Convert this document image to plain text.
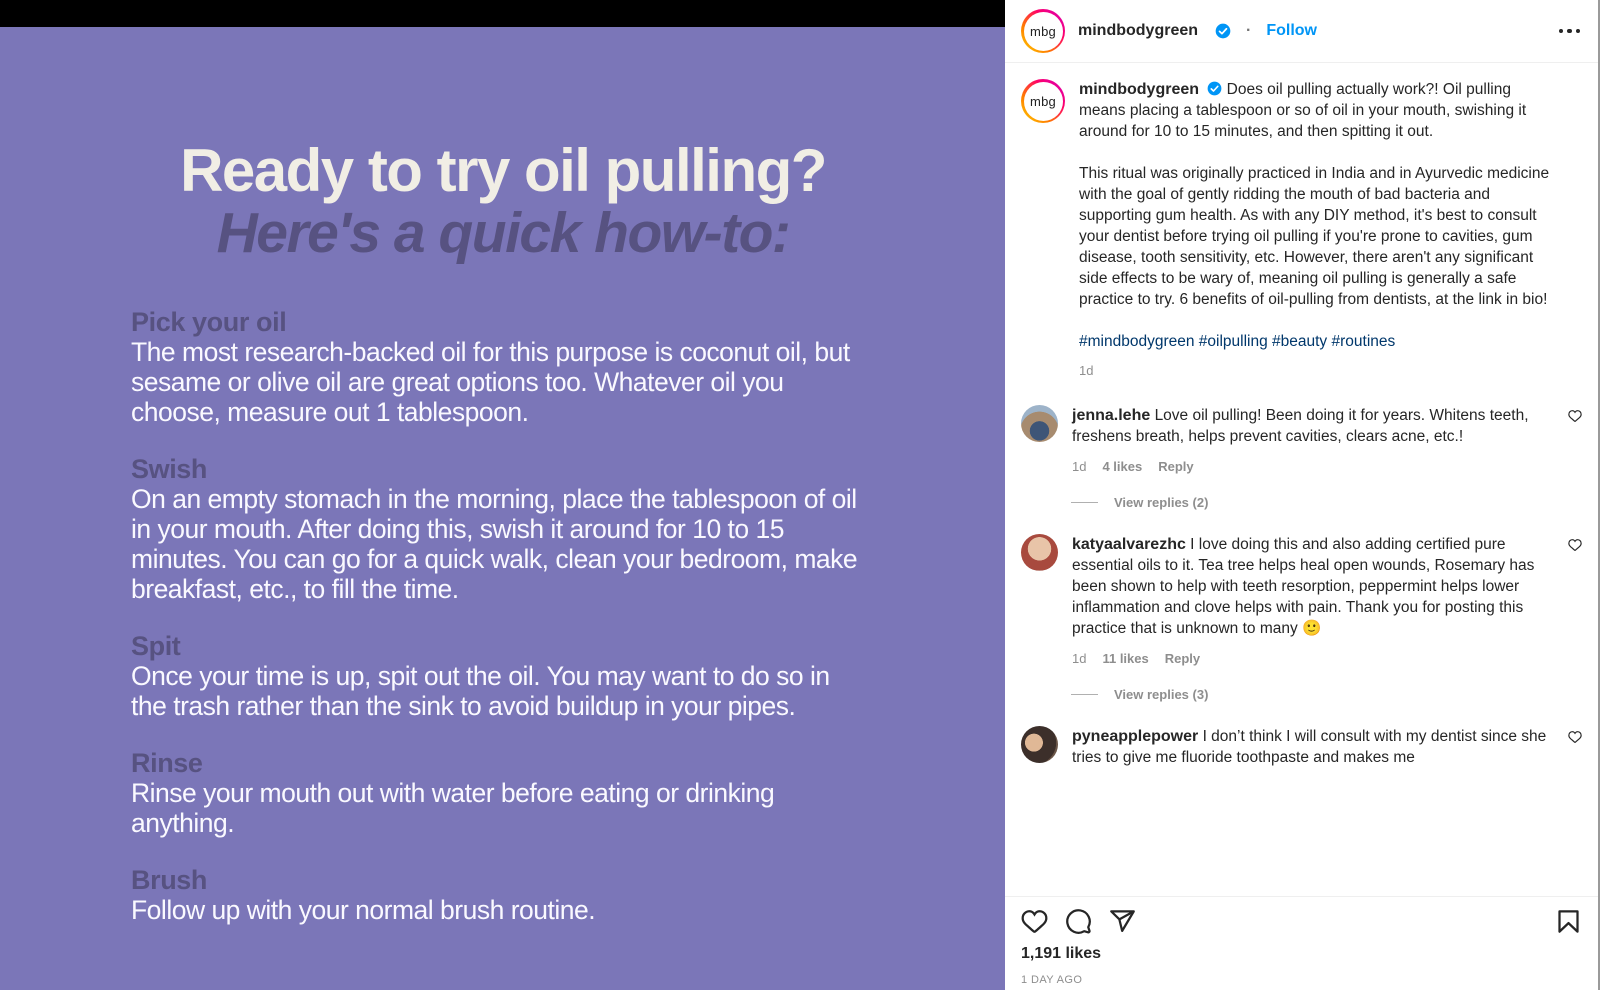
Ready to try oil pulling?
Here's a quick how-to:
Pick your oil

The most research-backed oil for this purpose is coconut oil, but sesame or olive oil are great options too. Whatever oil you choose, measure out 1 tablespoon.

Swish

On an empty stomach in the morning, place the tablespoon of oil in your mouth. After doing this, swish it around for 10 to 15 minutes. You can go for a quick walk, clean your bedroom, make breakfast, etc., to fill the time.

Spit

Once your time is up, spit out the oil. You may want to do so in the trash rather than the sink to avoid buildup in your pipes.

Rinse

Rinse your mouth out with water before eating or drinking anything.

Brush

Follow up with your normal brush routine.

mbg mindbodygreen	· Follow
mbg
mindbodygreen Does oil pulling actually work?! Oil pulling means placing a tablespoon or so of oil in your mouth, swishing it around for 10 to 15 minutes, and then spitting it out.
This ritual was originally practiced in India and in Ayurvedic medicine with the goal of gently ridding the mouth of bad bacteria and supporting gum health. As with any DIY method, it's best to consult your dentist before trying oil pulling if you're prone to cavities, gum disease, tooth sensitivity, etc. However, there aren't any significant side effects to be wary of, meaning oil pulling is generally a safe practice to try. 6 benefits of oil-pulling from dentists, at the link in bio!
#mindbodygreen #oilpulling #beauty #routines
1d
jenna.lehe Love oil pulling! Been doing it for years. Whitens teeth, freshens breath, helps prevent cavities, clears acne, etc.!
1d 4 likes Reply
View replies (2)
katyaalvarezhc I love doing this and also adding certified pure essential oils to it. Tea tree helps heal open wounds, Rosemary has been shown to help with teeth resorption, peppermint helps lower inflammation and clove helps with pain. Thank you for posting this practice that is unknown to many 🙂
1d 11 likes Reply
View replies (3)
pyneapplepower I don’t think I will consult with my dentist since she tries to give me fluoride toothpaste and makes me
1,191 likes
1 DAY AGO
